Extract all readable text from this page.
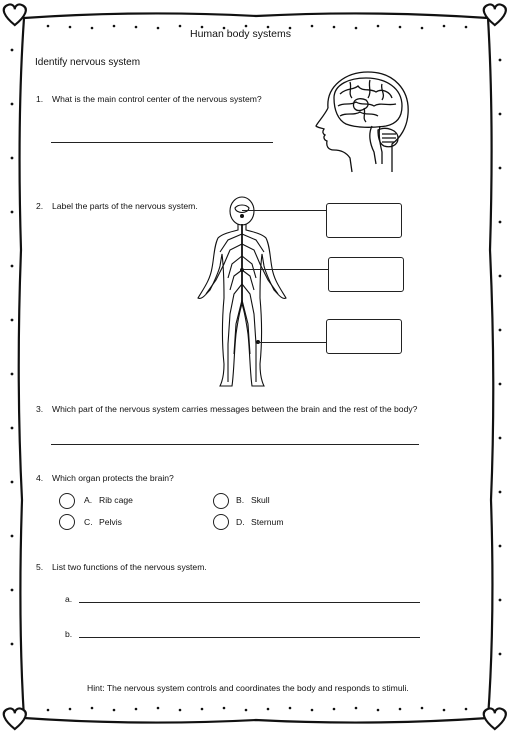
Human body systems
Identify nervous system
1. What is the main control center of the nervous system?
2. Label the parts of the nervous system.
3. Which part of the nervous system carries messages between the brain and the rest of the body?
4. Which organ protects the brain?
A. Rib cage	B. Skull
C. Pelvis	D. Sternum
5. List two functions of the nervous system.
a.
b.
Hint: The nervous system controls and coordinates the body and responds to stimuli.
